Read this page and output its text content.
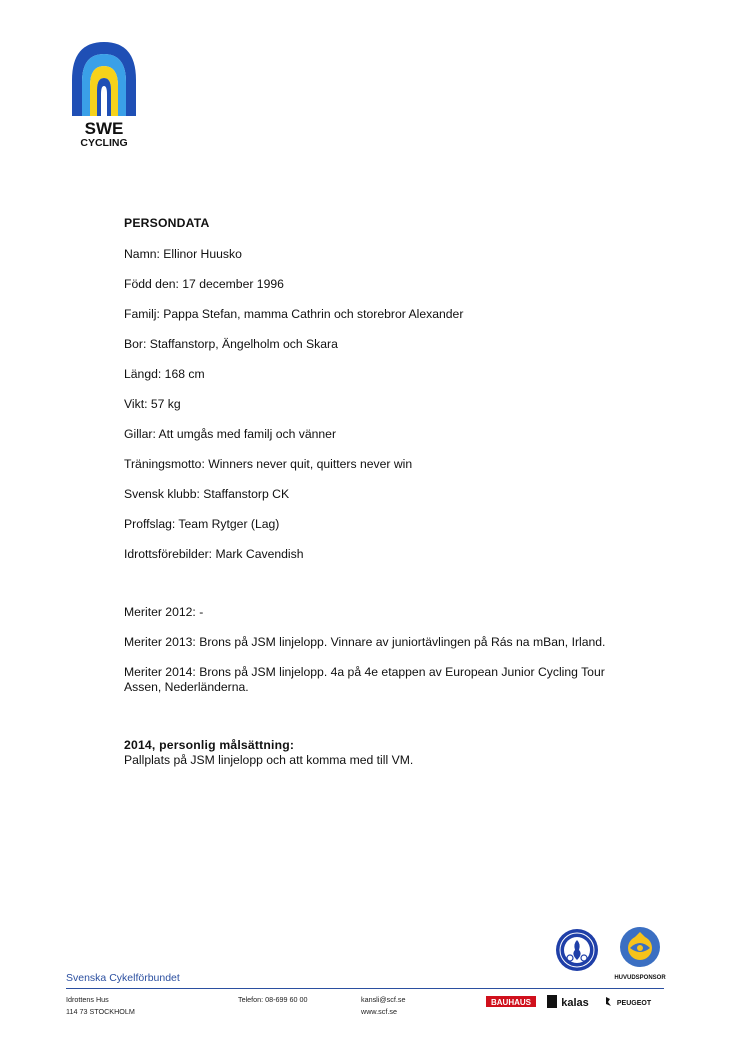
SWE
CYCLING
PERSONDATA
Namn: Ellinor Huusko
Född den: 17 december 1996
Familj: Pappa Stefan, mamma Cathrin och storebror Alexander
Bor: Staffanstorp, Ängelholm och Skara
Längd: 168 cm
Vikt: 57 kg
Gillar: Att umgås med familj och vänner
Träningsmotto: Winners never quit, quitters never win
Svensk klubb: Staffanstorp CK
Proffslag: Team Rytger (Lag)
Idrottsförebilder: Mark Cavendish
Meriter 2012: -
Meriter 2013: Brons på JSM linjelopp. Vinnare av juniortävlingen på Rás na mBan, Irland.
Meriter 2014: Brons på JSM linjelopp. 4a på 4e etappen av European Junior Cycling Tour Assen, Nederländerna.
2014, personlig målsättning:
Pallplats på JSM linjelopp och att komma med till VM.
HUVUDSPONSOR
Svenska Cykelförbundet
Idrottens Hus
114 73 STOCKHOLM
Telefon: 08-699 60 00	kansli@scf.se
www.scf.se
BAUHAUS	kalas	PEUGEOT
